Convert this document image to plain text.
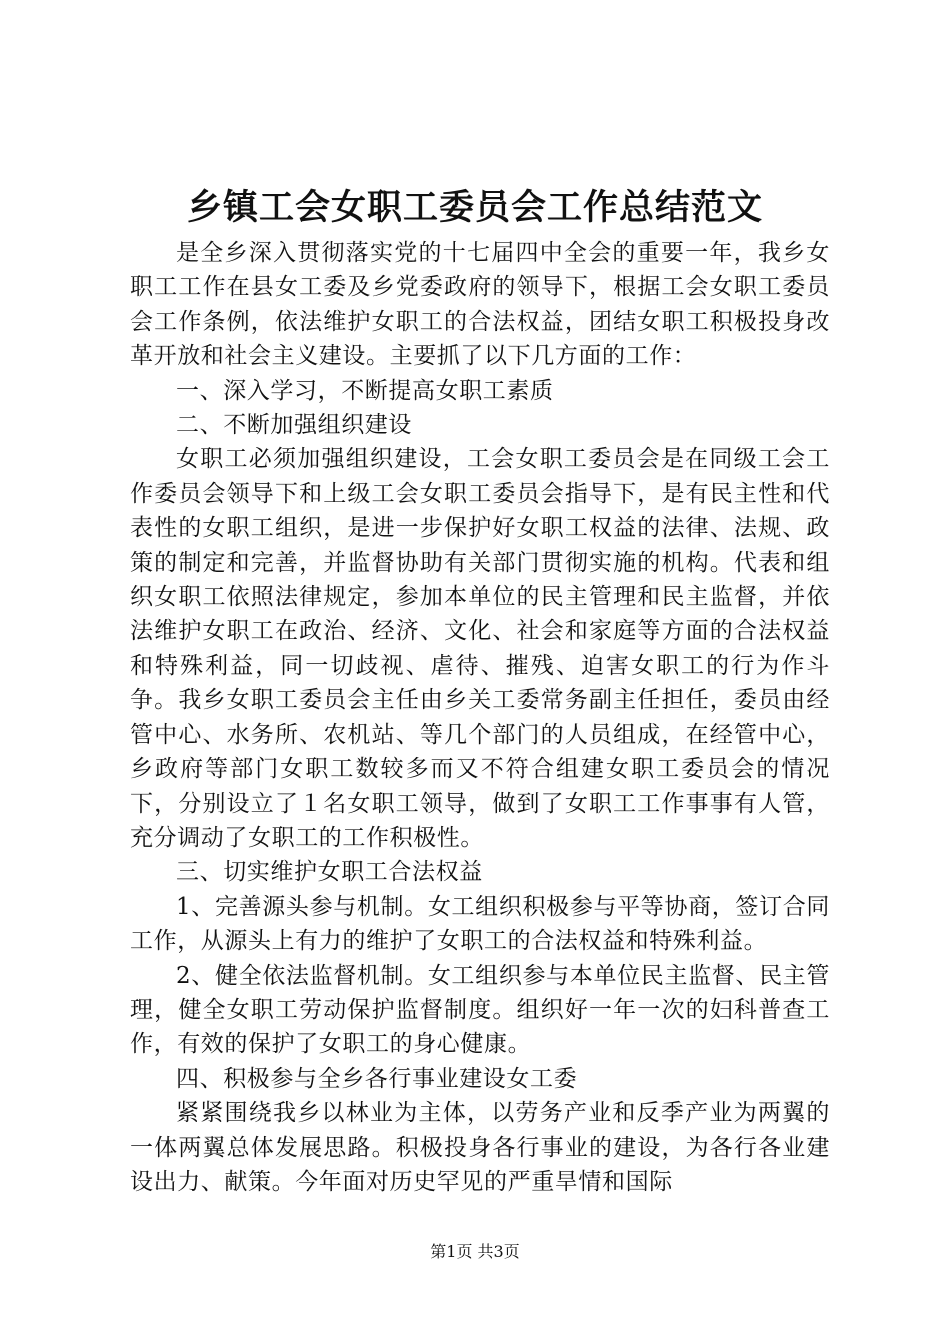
乡镇工会女职工委员会工作总结范文

是全乡深入贯彻落实党的十七届四中全会的重要一年，我乡女职工工作在县女工委及乡党委政府的领导下，根据工会女职工委员会工作条例，依法维护女职工的合法权益，团结女职工积极投身改革开放和社会主义建设。主要抓了以下几方面的工作：

一、深入学习，不断提高女职工素质

二、不断加强组织建设

女职工必须加强组织建设，工会女职工委员会是在同级工会工作委员会领导下和上级工会女职工委员会指导下，是有民主性和代表性的女职工组织，是进一步保护好女职工权益的法律、法规、政策的制定和完善，并监督协助有关部门贯彻实施的机构。代表和组织女职工依照法律规定，参加本单位的民主管理和民主监督，并依法维护女职工在政治、经济、文化、社会和家庭等方面的合法权益和特殊利益，同一切歧视、虐待、摧残、迫害女职工的行为作斗争。我乡女职工委员会主任由乡关工委常务副主任担任，委员由经管中心、水务所、农机站、等几个部门的人员组成，在经管中心，乡政府等部门女职工数较多而又不符合组建女职工委员会的情况下，分别设立了１名女职工领导，做到了女职工工作事事有人管，充分调动了女职工的工作积极性。

三、切实维护女职工合法权益

1、完善源头参与机制。女工组织积极参与平等协商，签订合同工作，从源头上有力的维护了女职工的合法权益和特殊利益。

2、健全依法监督机制。女工组织参与本单位民主监督、民主管理，健全女职工劳动保护监督制度。组织好一年一次的妇科普查工作，有效的保护了女职工的身心健康。

四、积极参与全乡各行事业建设女工委

紧紧围绕我乡以林业为主体，以劳务产业和反季产业为两翼的一体两翼总体发展思路。积极投身各行事业的建设，为各行各业建设出力、献策。今年面对历史罕见的严重旱情和国际

第1页 共3页
